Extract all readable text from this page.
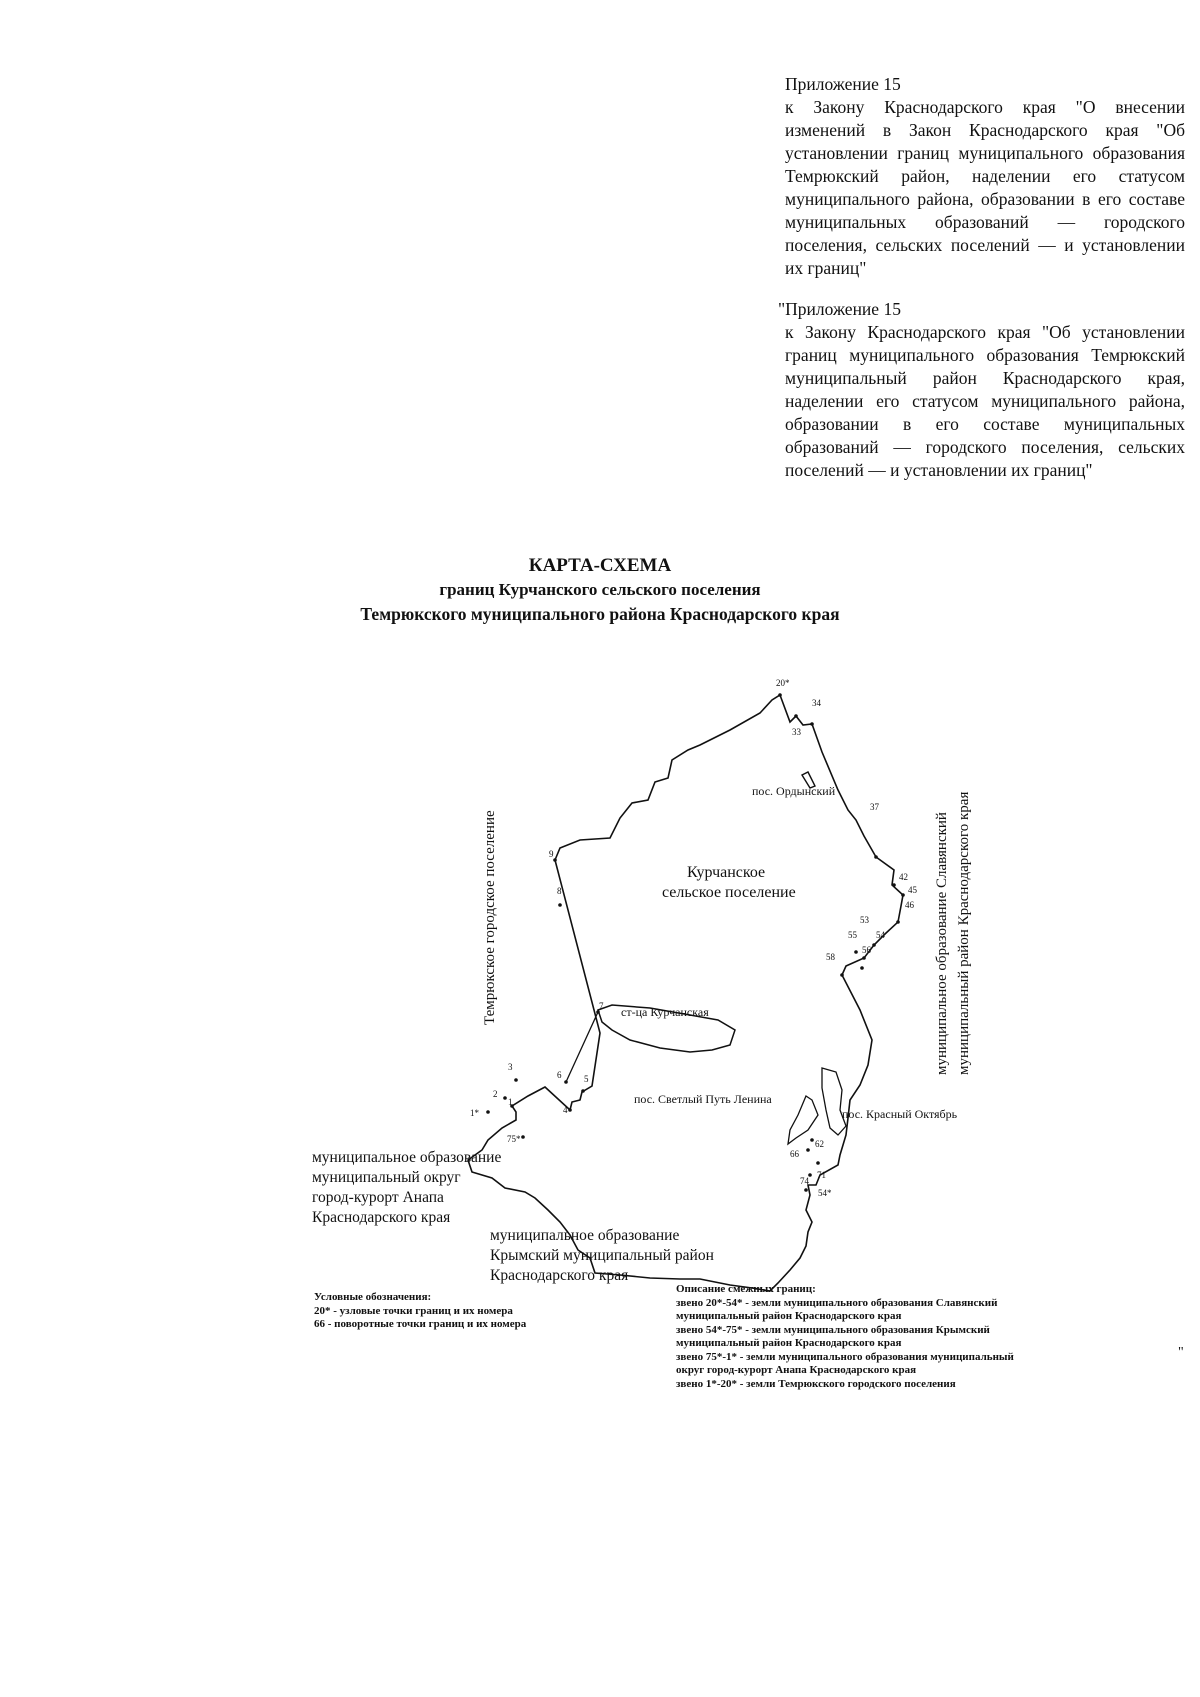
Приложение 15

к Закону Краснодарского края "О внесении изменений в Закон Краснодарского края "Об установлении границ муниципального образования Темрюкский район, наделении его статусом муниципального района, образовании в его составе муниципальных образований — городского поселения, сельских поселений — и установлении их границ"

"Приложение 15

к Закону Краснодарского края "Об установлении границ муниципального образования Темрюкский муниципальный район Краснодарского края, наделении его статусом муниципального района, образовании в его составе муниципальных образований — городского поселения, сельских поселений — и установлении их границ"

КАРТА-СХЕМА
границ Курчанского сельского поселения
Темрюкского муниципального района Краснодарского края
20*
34
33
37
42
45
46
53
54
55
56
58
9
8
7
6	5
4
3
2
1
1*
75*	62
66
71
74
54*
пос. Ордынский
ст-ца Курчанская
пос. Светлый Путь Ленина
пос. Красный Октябрь
Курчанское
сельское поселение
Темрюкское городское поселение	муниципальное образование Славянский муниципальный район Краснодарского края
муниципальное образование
муниципальный округ
город-курорт Анапа
Краснодарского края
муниципальное образование
Крымский муниципальный район
Краснодарского края
Условные обозначения:
20* - узловые точки границ и их номера
66 - поворотные точки границ и их номера
Описание смежных границ:
звено 20*-54* - земли муниципального образования Славянский
муниципальный район Краснодарского края
звено 54*-75* - земли муниципального образования Крымский
муниципальный район Краснодарского края
звено 75*-1* - земли муниципального образования муниципальный
округ город-курорт Анапа Краснодарского края
звено 1*-20* - земли Темрюкского городского поселения
"
